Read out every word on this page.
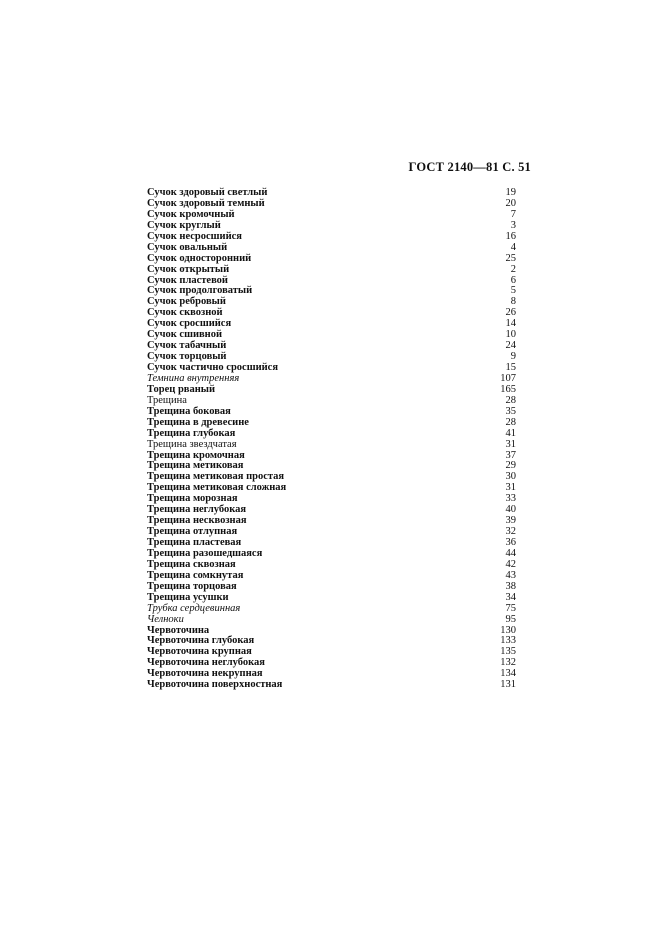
ГОСТ 2140—81 С. 51
Сучок здоровый светлый	19
Сучок здоровый темный	20
Сучок кромочный	7
Сучок круглый	3
Сучок несросшийся	16
Сучок овальный	4
Сучок односторонний	25
Сучок открытый	2
Сучок пластевой	6
Сучок продолговатый	5
Сучок ребровый	8
Сучок сквозной	26
Сучок сросшийся	14
Сучок сшивной	10
Сучок табачный	24
Сучок торцовый	9
Сучок частично сросшийся	15
Темнина внутренняя	107
Торец рваный	165
Трещина	28
Трещина боковая	35
Трещина в древесине	28
Трещина глубокая	41
Трещина звездчатая	31
Трещина кромочная	37
Трещина метиковая	29
Трещина метиковая простая	30
Трещина метиковая сложная	31
Трещина морозная	33
Трещина неглубокая	40
Трещина несквозная	39
Трещина отлупная	32
Трещина пластевая	36
Трещина разошедшаяся	44
Трещина сквозная	42
Трещина сомкнутая	43
Трещина торцовая	38
Трещина усушки	34
Трубка сердцевинная	75
Челноки	95
Червоточина	130
Червоточина глубокая	133
Червоточина крупная	135
Червоточина неглубокая	132
Червоточина некрупная	134
Червоточина поверхностная	131
